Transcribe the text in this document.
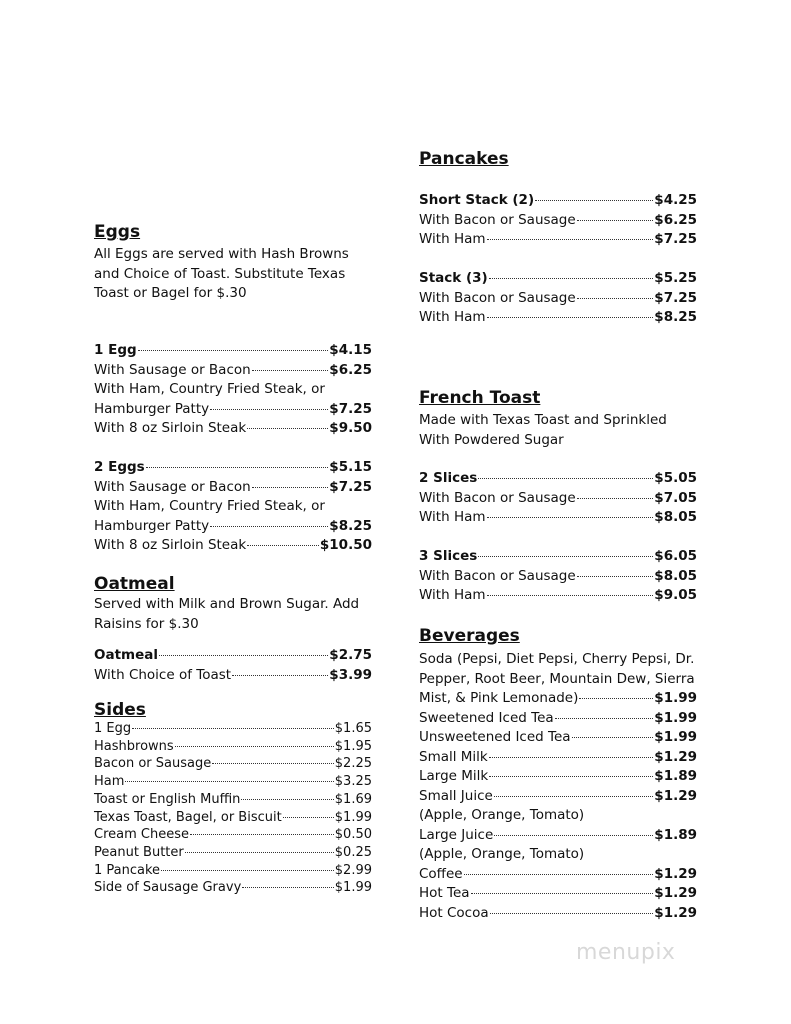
Eggs
All Eggs are served with Hash Browns and Choice of Toast. Substitute Texas Toast or Bagel for $.30
1 Egg	$4.15
With Sausage or Bacon	$6.25
With Ham, Country Fried Steak, or
Hamburger Patty	$7.25
With 8 oz Sirloin Steak	$9.50
2 Eggs	$5.15
With Sausage or Bacon	$7.25
With Ham, Country Fried Steak, or
Hamburger Patty	$8.25
With 8 oz Sirloin Steak	$10.50
Oatmeal
Served with Milk and Brown Sugar. Add Raisins for $.30
Oatmeal	$2.75
With Choice of Toast	$3.99
Sides
1 Egg	$1.65
Hashbrowns	$1.95
Bacon or Sausage	$2.25
Ham	$3.25
Toast or English Muffin	$1.69
Texas Toast, Bagel, or Biscuit	$1.99
Cream Cheese	$0.50
Peanut Butter	$0.25
1 Pancake	$2.99
Side of Sausage Gravy	$1.99
Pancakes
Short Stack (2)	$4.25
With Bacon or Sausage	$6.25
With Ham	$7.25
Stack (3)	$5.25
With Bacon or Sausage	$7.25
With Ham	$8.25
French Toast
Made with Texas Toast and Sprinkled With Powdered Sugar
2 Slices	$5.05
With Bacon or Sausage	$7.05
With Ham	$8.05
3 Slices	$6.05
With Bacon or Sausage	$8.05
With Ham	$9.05
Beverages
Soda (Pepsi, Diet Pepsi, Cherry Pepsi, Dr.
Pepper, Root Beer, Mountain Dew, Sierra
Mist, & Pink Lemonade)	$1.99
Sweetened Iced Tea	$1.99
Unsweetened Iced Tea	$1.99
Small Milk	$1.29
Large Milk	$1.89
Small Juice	$1.29
(Apple, Orange, Tomato)
Large Juice	$1.89
(Apple, Orange, Tomato)
Coffee	$1.29
Hot Tea	$1.29
Hot Cocoa	$1.29
menupix
